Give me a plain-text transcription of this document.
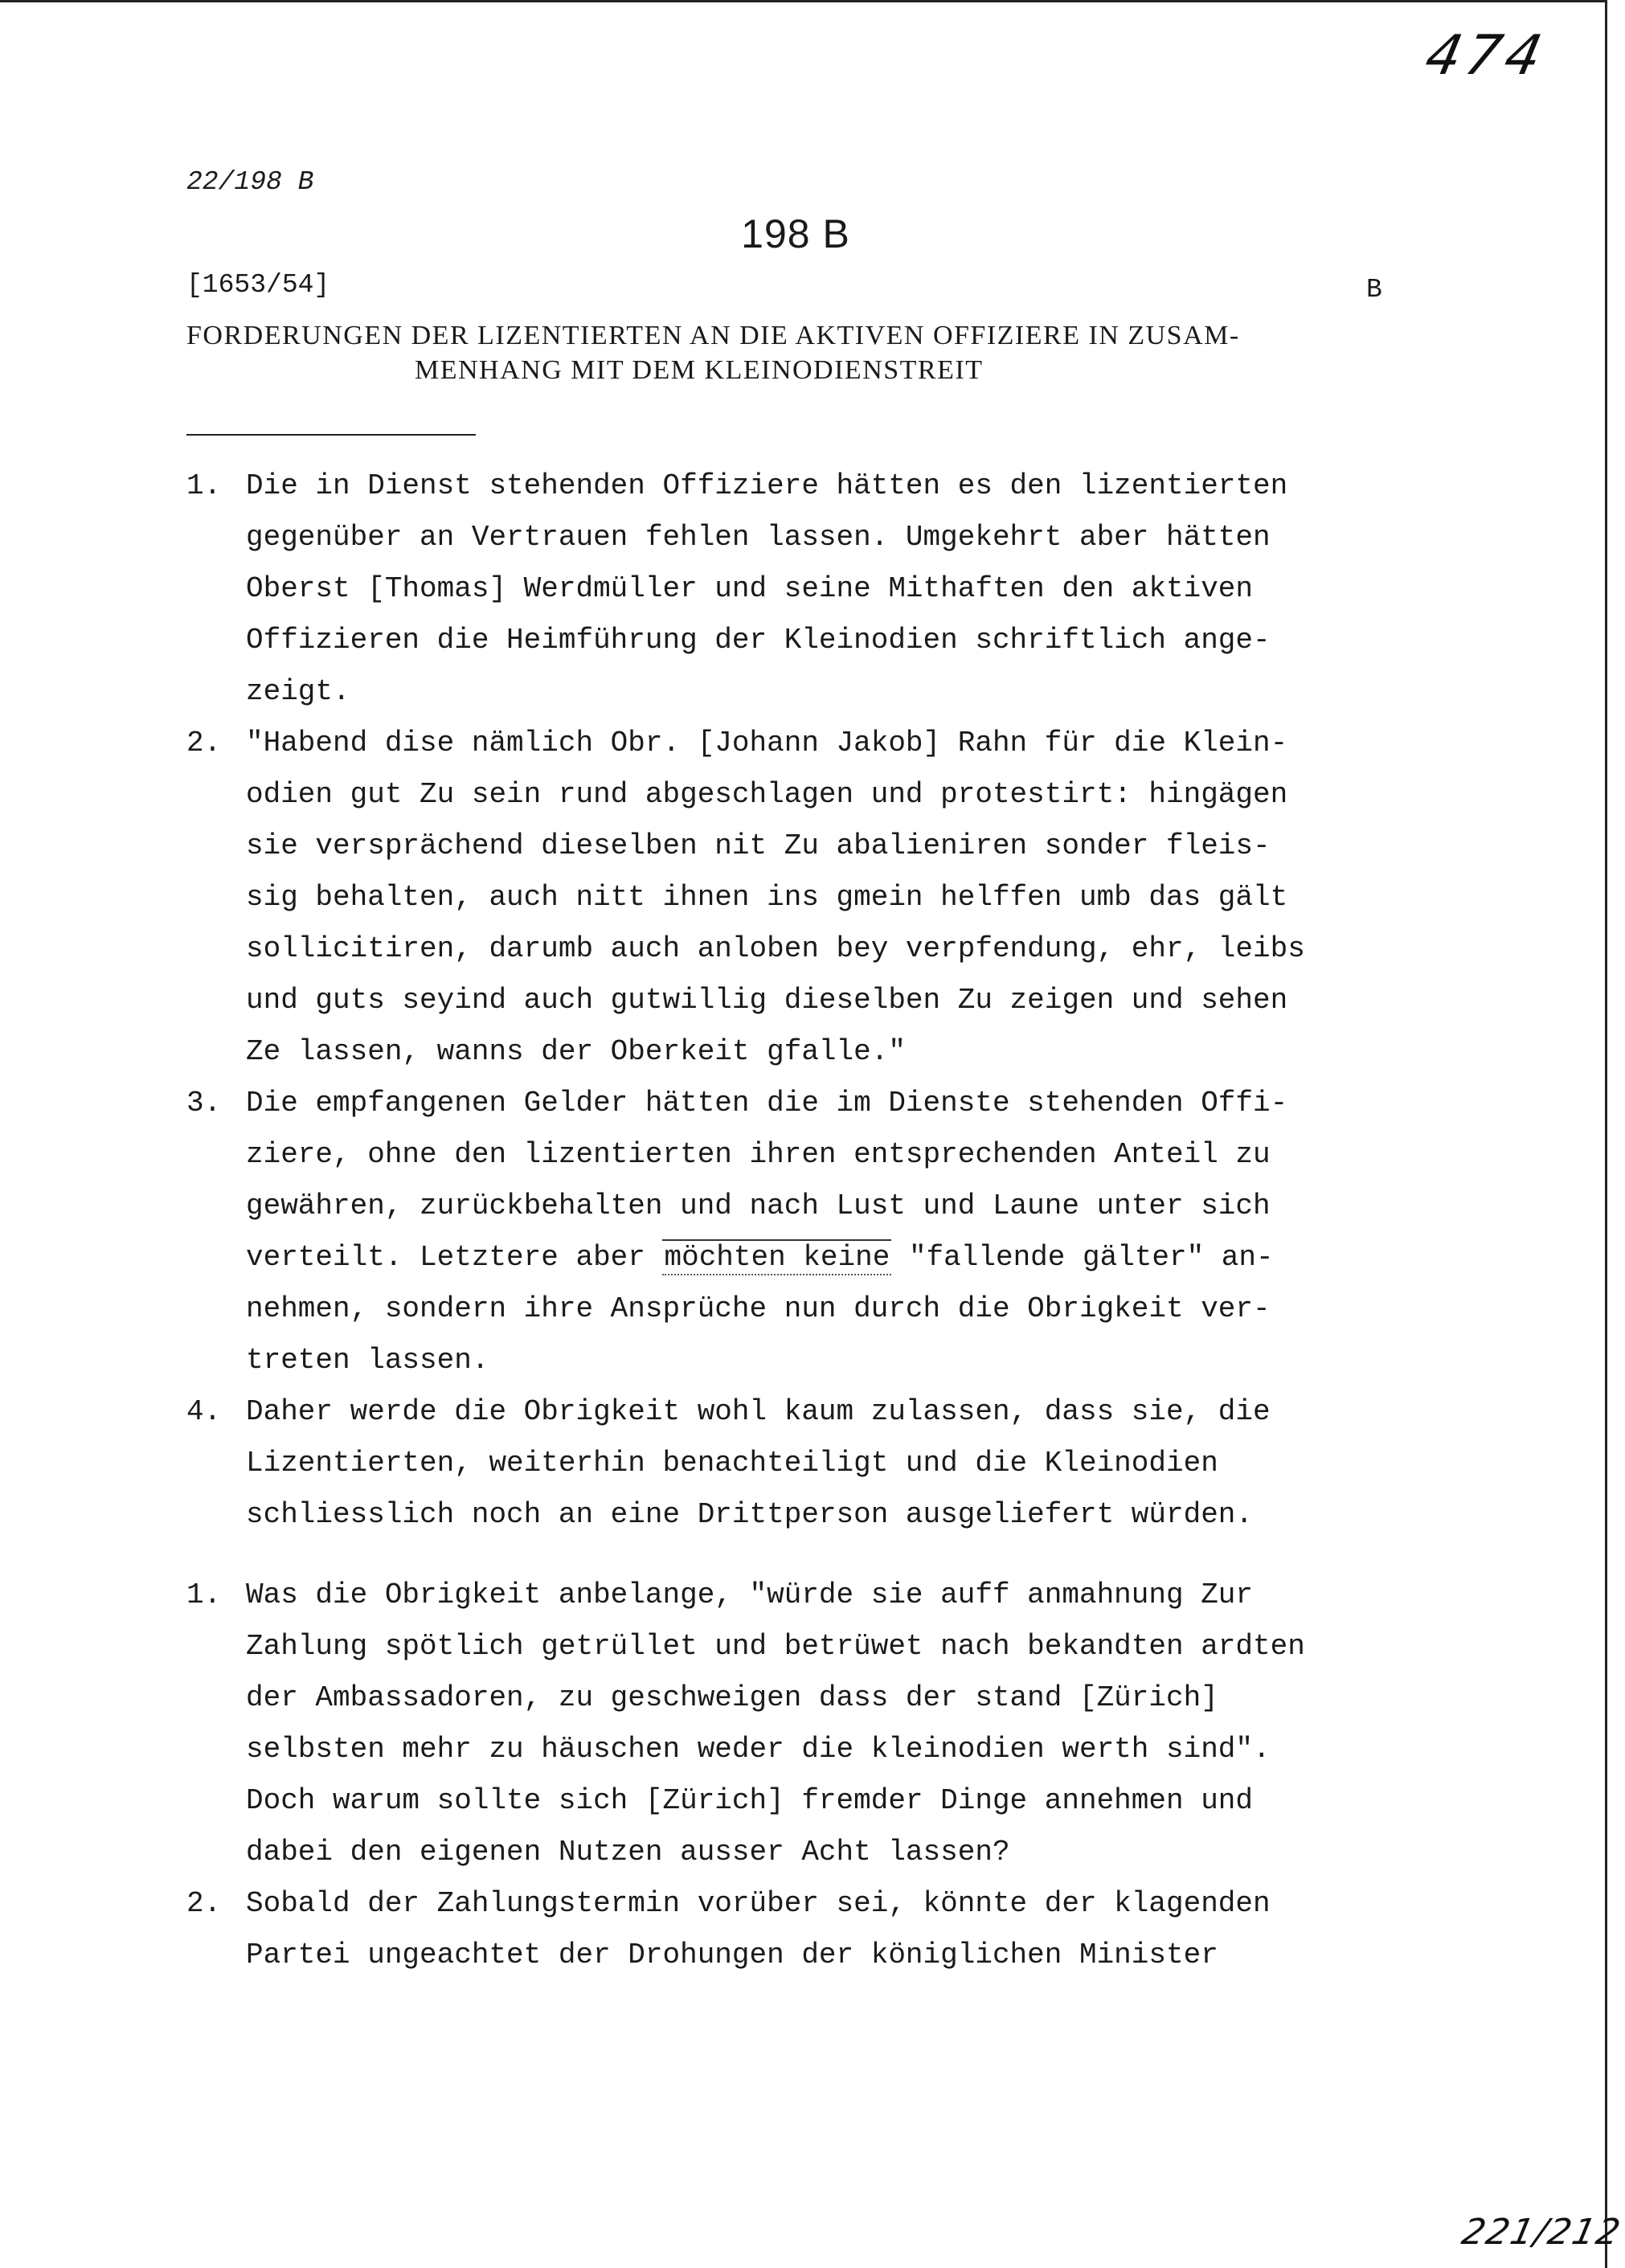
474
22/198 B
198 B
[1653/54]	B
FORDERUNGEN DER LIZENTIERTEN AN DIE AKTIVEN OFFIZIERE IN ZUSAM-
MENHANG MIT DEM KLEINODIENSTREIT
1. Die in Dienst stehenden Offiziere hätten es den lizentierten
gegenüber an Vertrauen fehlen lassen. Umgekehrt aber hätten
Oberst [Thomas] Werdmüller und seine Mithaften den aktiven
Offizieren die Heimführung der Kleinodien schriftlich ange-
zeigt.
2. "Habend dise nämlich Obr. [Johann Jakob] Rahn für die Klein-
odien gut Zu sein rund abgeschlagen und protestirt: hingägen
sie versprächend dieselben nit Zu abalieniren sonder fleis-
sig behalten, auch nitt ihnen ins gmein helffen umb das gält
sollicitiren, darumb auch anloben bey verpfendung, ehr, leibs
und guts seyind auch gutwillig dieselben Zu zeigen und sehen
Ze lassen, wanns der Oberkeit gfalle."
3. Die empfangenen Gelder hätten die im Dienste stehenden Offi-
ziere, ohne den lizentierten ihren entsprechenden Anteil zu
gewähren, zurückbehalten und nach Lust und Laune unter sich
verteilt. Letztere aber möchten keine "fallende gälter" an-
nehmen, sondern ihre Ansprüche nun durch die Obrigkeit ver-
treten lassen.
4. Daher werde die Obrigkeit wohl kaum zulassen, dass sie, die
Lizentierten, weiterhin benachteiligt und die Kleinodien
schliesslich noch an eine Drittperson ausgeliefert würden.
1. Was die Obrigkeit anbelange, "würde sie auff anmahnung Zur
Zahlung spötlich getrüllet und betrüwet nach bekandten ardten
der Ambassadoren, zu geschweigen dass der stand [Zürich]
selbsten mehr zu häuschen weder die kleinodien werth sind".
Doch warum sollte sich [Zürich] fremder Dinge annehmen und
dabei den eigenen Nutzen ausser Acht lassen?
2. Sobald der Zahlungstermin vorüber sei, könnte der klagenden
Partei ungeachtet der Drohungen der königlichen Minister
221/212
